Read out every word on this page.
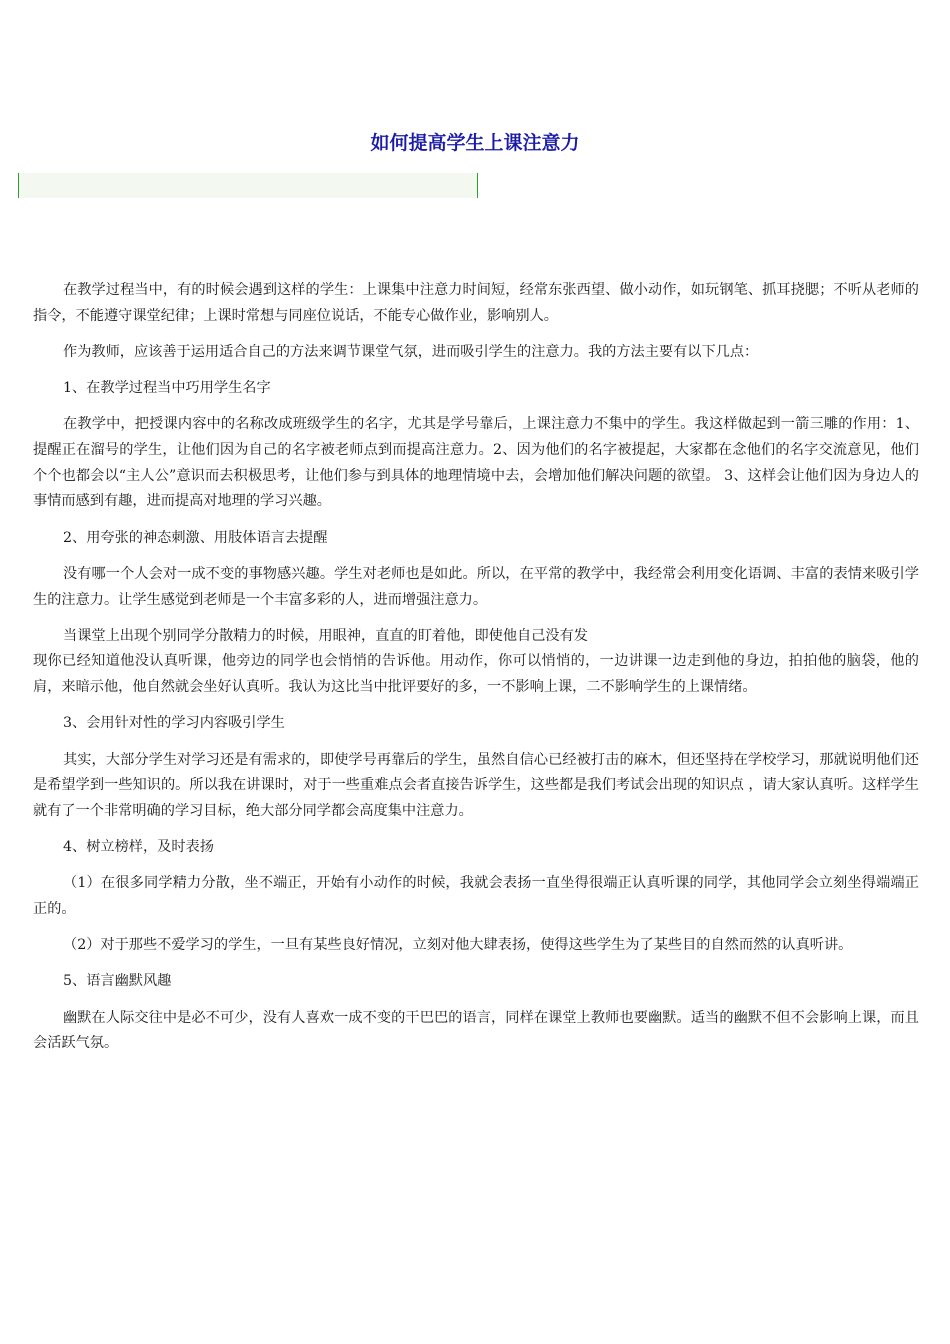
如何提高学生上课注意力

在教学过程当中，有的时候会遇到这样的学生：上课集中注意力时间短，经常东张西望、做小动作，如玩钢笔、抓耳挠腮；不听从老师的指令，不能遵守课堂纪律；上课时常想与同座位说话，不能专心做作业，影响别人。

作为教师，应该善于运用适合自己的方法来调节课堂气氛，进而吸引学生的注意力。我的方法主要有以下几点：

1、在教学过程当中巧用学生名字

在教学中，把授课内容中的名称改成班级学生的名字，尤其是学号靠后，上课注意力不集中的学生。我这样做起到一箭三雕的作用：1、提醒正在溜号的学生，让他们因为自己的名字被老师点到而提高注意力。2、因为他们的名字被提起，大家都在念他们的名字交流意见，他们个个也都会以“主人公”意识而去积极思考，让他们参与到具体的地理情境中去，会增加他们解决问题的欲望。 3、这样会让他们因为身边人的事情而感到有趣，进而提高对地理的学习兴趣。

2、用夸张的神态刺激、用肢体语言去提醒

没有哪一个人会对一成不变的事物感兴趣。学生对老师也是如此。所以，在平常的教学中，我经常会利用变化语调、丰富的表情来吸引学生的注意力。让学生感觉到老师是一个丰富多彩的人，进而增强注意力。

当课堂上出现个别同学分散精力的时候，用眼神，直直的盯着他，即使他自己没有发

现你已经知道他没认真听课，他旁边的同学也会悄悄的告诉他。用动作，你可以悄悄的，一边讲课一边走到他的身边，拍拍他的脑袋，他的肩，来暗示他，他自然就会坐好认真听。我认为这比当中批评要好的多，一不影响上课，二不影响学生的上课情绪。

3、会用针对性的学习内容吸引学生

其实，大部分学生对学习还是有需求的，即使学号再靠后的学生，虽然自信心已经被打击的麻木，但还坚持在学校学习，那就说明他们还是希望学到一些知识的。所以我在讲课时，对于一些重难点会者直接告诉学生，这些都是我们考试会出现的知识点 ，请大家认真听。这样学生就有了一个非常明确的学习目标，绝大部分同学都会高度集中注意力。

4、树立榜样，及时表扬

（1）在很多同学精力分散，坐不端正，开始有小动作的时候，我就会表扬一直坐得很端正认真听课的同学，其他同学会立刻坐得端端正正的。

（2）对于那些不爱学习的学生，一旦有某些良好情况，立刻对他大肆表扬，使得这些学生为了某些目的自然而然的认真听讲。

5、语言幽默风趣

幽默在人际交往中是必不可少，没有人喜欢一成不变的干巴巴的语言，同样在课堂上教师也要幽默。适当的幽默不但不会影响上课，而且会活跃气氛。
